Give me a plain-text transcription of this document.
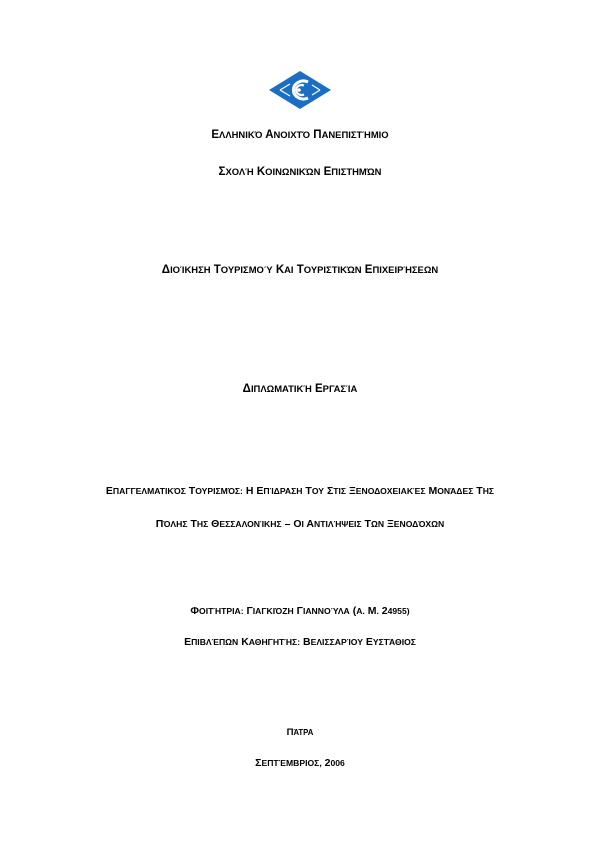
ΕΛΛΗΝΙΚΌ ΑΝΟΙΧΤΌ ΠΑΝΕΠΙΣΤΉΜΙΟ
ΣΧΟΛΉ ΚΟΙΝΩΝΙΚΏΝ ΕΠΙΣΤΗΜΏΝ
ΔΙΟΊΚΗΣΗ ΤΟΥΡΙΣΜΟΎ ΚΑΙ ΤΟΥΡΙΣΤΙΚΏΝ ΕΠΙΧΕΙΡΉΣΕΩΝ
ΔΙΠΛΩΜΑΤΙΚΉ ΕΡΓΑΣΊΑ
ΕΠΑΓΓΕΛΜΑΤΙΚΌΣ ΤΟΥΡΙΣΜΌΣ: Η ΕΠΊΔΡΑΣΗ ΤΟΥ ΣΤΙΣ ΞΕΝΟΔΟΧΕΙΑΚΈΣ ΜΟΝΆΔΕΣ ΤΗΣ
ΠΌΛΗΣ ΤΗΣ ΘΕΣΣΑΛΟΝΊΚΗΣ – ΟΙ ΑΝΤΙΛΉΨΕΙΣ ΤΩΝ ΞΕΝΟΔΌΧΩΝ
ΦΟΙΤΉΤΡΙΑ: ΓΙΑΓΚΙΌΖΗ ΓΙΑΝΝΟΎΛΑ (Α. Μ. 24955)
ΕΠΙΒΛΈΠΩΝ ΚΑΘΗΓΗΤΉΣ: ΒΕΛΙΣΣΑΡΊΟΥ ΕΥΣΤΆΘΙΟΣ
ΠΆΤΡΑ
ΣΕΠΤΈΜΒΡΙΟΣ, 2006
